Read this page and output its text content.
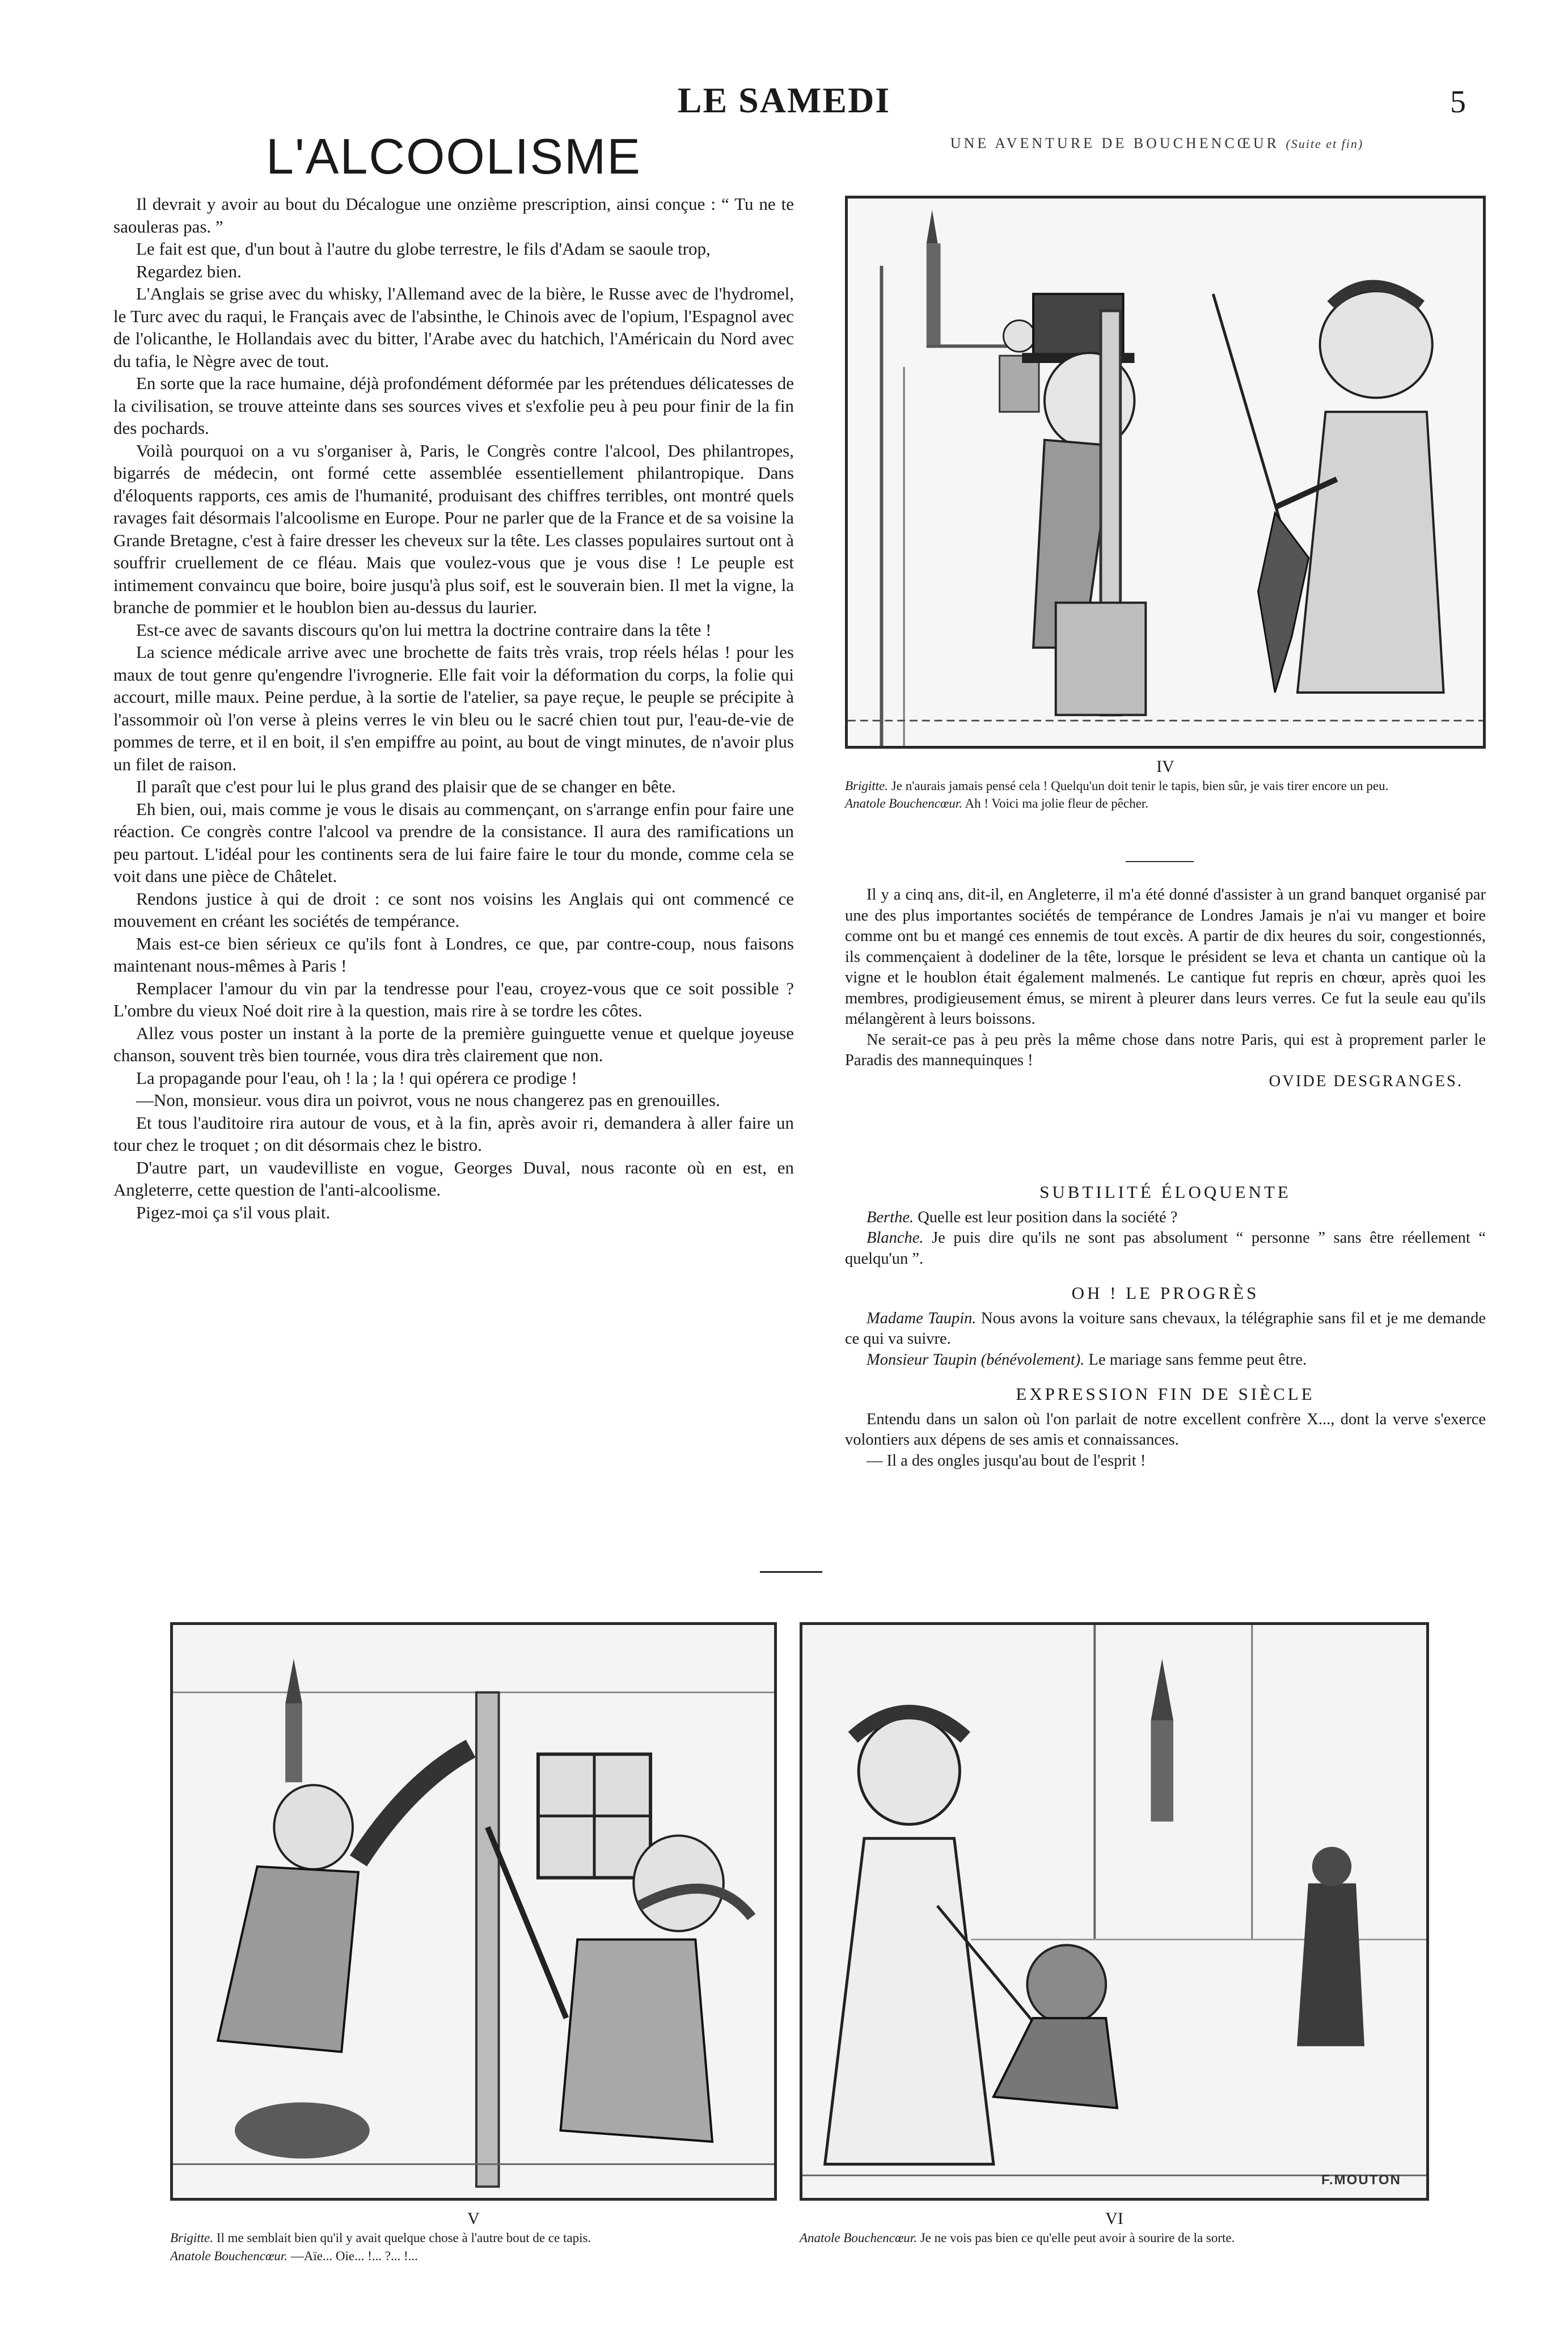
LE SAMEDI	5
L'ALCOOLISME

Il devrait y avoir au bout du Décalogue une onzième prescription, ainsi conçue : “ Tu ne te saouleras pas. ”

Le fait est que, d'un bout à l'autre du globe terrestre, le fils d'Adam se saoule trop,

Regardez bien.

L'Anglais se grise avec du whisky, l'Allemand avec de la bière, le Russe avec de l'hydromel, le Turc avec du raqui, le Français avec de l'absinthe, le Chinois avec de l'opium, l'Espagnol avec de l'olicanthe, le Hollandais avec du bitter, l'Arabe avec du hatchich, l'Américain du Nord avec du tafia, le Nègre avec de tout.

En sorte que la race humaine, déjà profondément déformée par les prétendues délicatesses de la civilisation, se trouve atteinte dans ses sources vives et s'exfolie peu à peu pour finir de la fin des pochards.

Voilà pourquoi on a vu s'organiser à, Paris, le Congrès contre l'alcool, Des philantropes, bigarrés de médecin, ont formé cette assemblée essentiellement philantropique. Dans d'éloquents rapports, ces amis de l'humanité, produisant des chiffres terribles, ont montré quels ravages fait désormais l'alcoolisme en Europe. Pour ne parler que de la France et de sa voisine la Grande Bretagne, c'est à faire dresser les cheveux sur la tête. Les classes populaires surtout ont à souffrir cruellement de ce fléau. Mais que voulez-vous que je vous dise ! Le peuple est intimement convaincu que boire, boire jusqu'à plus soif, est le souverain bien. Il met la vigne, la branche de pommier et le houblon bien au-dessus du laurier.

Est-ce avec de savants discours qu'on lui mettra la doctrine contraire dans la tête !

La science médicale arrive avec une brochette de faits très vrais, trop réels hélas ! pour les maux de tout genre qu'engendre l'ivrognerie. Elle fait voir la déformation du corps, la folie qui accourt, mille maux. Peine perdue, à la sortie de l'atelier, sa paye reçue, le peuple se précipite à l'assommoir où l'on verse à pleins verres le vin bleu ou le sacré chien tout pur, l'eau-de-vie de pommes de terre, et il en boit, il s'en empiffre au point, au bout de vingt minutes, de n'avoir plus un filet de raison.

Il paraît que c'est pour lui le plus grand des plaisir que de se changer en bête.

Eh bien, oui, mais comme je vous le disais au commençant, on s'arrange enfin pour faire une réaction. Ce congrès contre l'alcool va prendre de la consistance. Il aura des ramifications un peu partout. L'idéal pour les continents sera de lui faire faire le tour du monde, comme cela se voit dans une pièce de Châtelet.

Rendons justice à qui de droit : ce sont nos voisins les Anglais qui ont commencé ce mouvement en créant les sociétés de tempérance.

Mais est-ce bien sérieux ce qu'ils font à Londres, ce que, par contre-coup, nous faisons maintenant nous-mêmes à Paris !

Remplacer l'amour du vin par la tendresse pour l'eau, croyez-vous que ce soit possible ? L'ombre du vieux Noé doit rire à la question, mais rire à se tordre les côtes.

Allez vous poster un instant à la porte de la première guinguette venue et quelque joyeuse chanson, souvent très bien tournée, vous dira très clairement que non.

La propagande pour l'eau, oh ! la ; la ! qui opérera ce prodige !

—Non, monsieur. vous dira un poivrot, vous ne nous changerez pas en grenouilles.

Et tous l'auditoire rira autour de vous, et à la fin, après avoir ri, demandera à aller faire un tour chez le troquet ; on dit désormais chez le bistro.

D'autre part, un vaudevilliste en vogue, Georges Duval, nous raconte où en est, en Angleterre, cette question de l'anti-alcoolisme.

Pigez-moi ça s'il vous plait.

UNE AVENTURE DE BOUCHENCŒUR (Suite et fin)
IV

Brigitte. Je n'aurais jamais pensé cela ! Quelqu'un doit tenir le tapis, bien sûr, je vais tirer encore un peu.

Anatole Bouchencœur. Ah ! Voici ma jolie fleur de pêcher.

Il y a cinq ans, dit-il, en Angleterre, il m'a été donné d'assister à un grand banquet organisé par une des plus importantes sociétés de tempérance de Londres Jamais je n'ai vu manger et boire comme ont bu et mangé ces ennemis de tout excès. A partir de dix heures du soir, congestionnés, ils commençaient à dodeliner de la tête, lorsque le président se leva et chanta un cantique où la vigne et le houblon était également malmenés. Le cantique fut repris en chœur, après quoi les membres, prodigieusement émus, se mirent à pleurer dans leurs verres. Ce fut la seule eau qu'ils mélangèrent à leurs boissons.

Ne serait-ce pas à peu près la même chose dans notre Paris, qui est à proprement parler le Paradis des mannequinques !

OVIDE DESGRANGES.

SUBTILITÉ ÉLOQUENTE

Berthe. Quelle est leur position dans la société ?

Blanche. Je puis dire qu'ils ne sont pas absolument “ personne ” sans être réellement “ quelqu'un ”.

OH ! LE PROGRÈS

Madame Taupin. Nous avons la voiture sans chevaux, la télégraphie sans fil et je me demande ce qui va suivre.

Monsieur Taupin (bénévolement). Le mariage sans femme peut être.

EXPRESSION FIN DE SIÈCLE

Entendu dans un salon où l'on parlait de notre excellent confrère X..., dont la verve s'exerce volontiers aux dépens de ses amis et connaissances.

— Il a des ongles jusqu'au bout de l'esprit !

F.MOUTON
V	VI

Brigitte. Il me semblait bien qu'il y avait quelque chose à l'autre bout de ce tapis.

Anatole Bouchencœur. —Aïe... Oie... !... ?... !...

Anatole Bouchencœur. Je ne vois pas bien ce qu'elle peut avoir à sourire de la sorte.
